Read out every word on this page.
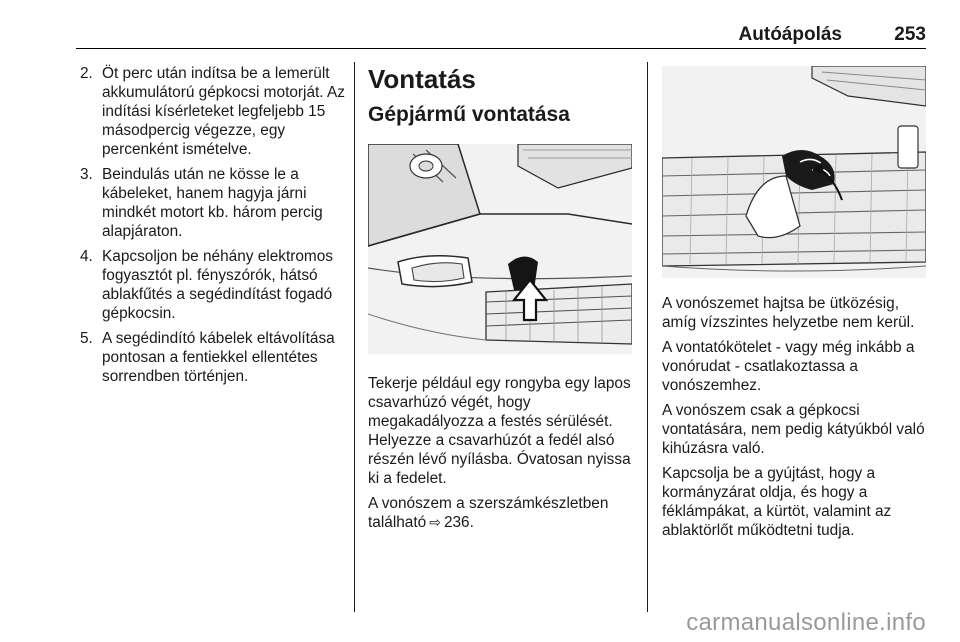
Autóápolás	253
2. Öt perc után indítsa be a lemerült akkumulátorú gépkocsi motorját. Az indítási kísérleteket legfeljebb 15 másodpercig végezze, egy percenként ismételve.
3. Beindulás után ne kösse le a kábeleket, hanem hagyja járni mindkét motort kb. három percig alapjáraton.
4. Kapcsoljon be néhány elektromos fogyasztót pl. fényszórók, hátsó ablakfűtés a segédindítást fogadó gépkocsin.
5. A segédindító kábelek eltávolítása pontosan a fentiekkel ellentétes sorrendben történjen.
Vontatás
Gépjármű vontatása

Tekerje például egy rongyba egy lapos csavarhúzó végét, hogy megakadályozza a festés sérülését. Helyezze a csavarhúzót a fedél alsó részén lévő nyílásba. Óvatosan nyissa ki a fedelet.

A vonószem a szerszámkészletben található ⇨ 236.

A vonószemet hajtsa be ütközésig, amíg vízszintes helyzetbe nem kerül.

A vontatókötelet - vagy még inkább a vonórudat - csatlakoztassa a vonószemhez.

A vonószem csak a gépkocsi vontatására, nem pedig kátyúkból való kihúzásra való.

Kapcsolja be a gyújtást, hogy a kormányzárat oldja, és hogy a féklámpákat, a kürtöt, valamint az ablaktörlőt működtetni tudja.

carmanualsonline.info
